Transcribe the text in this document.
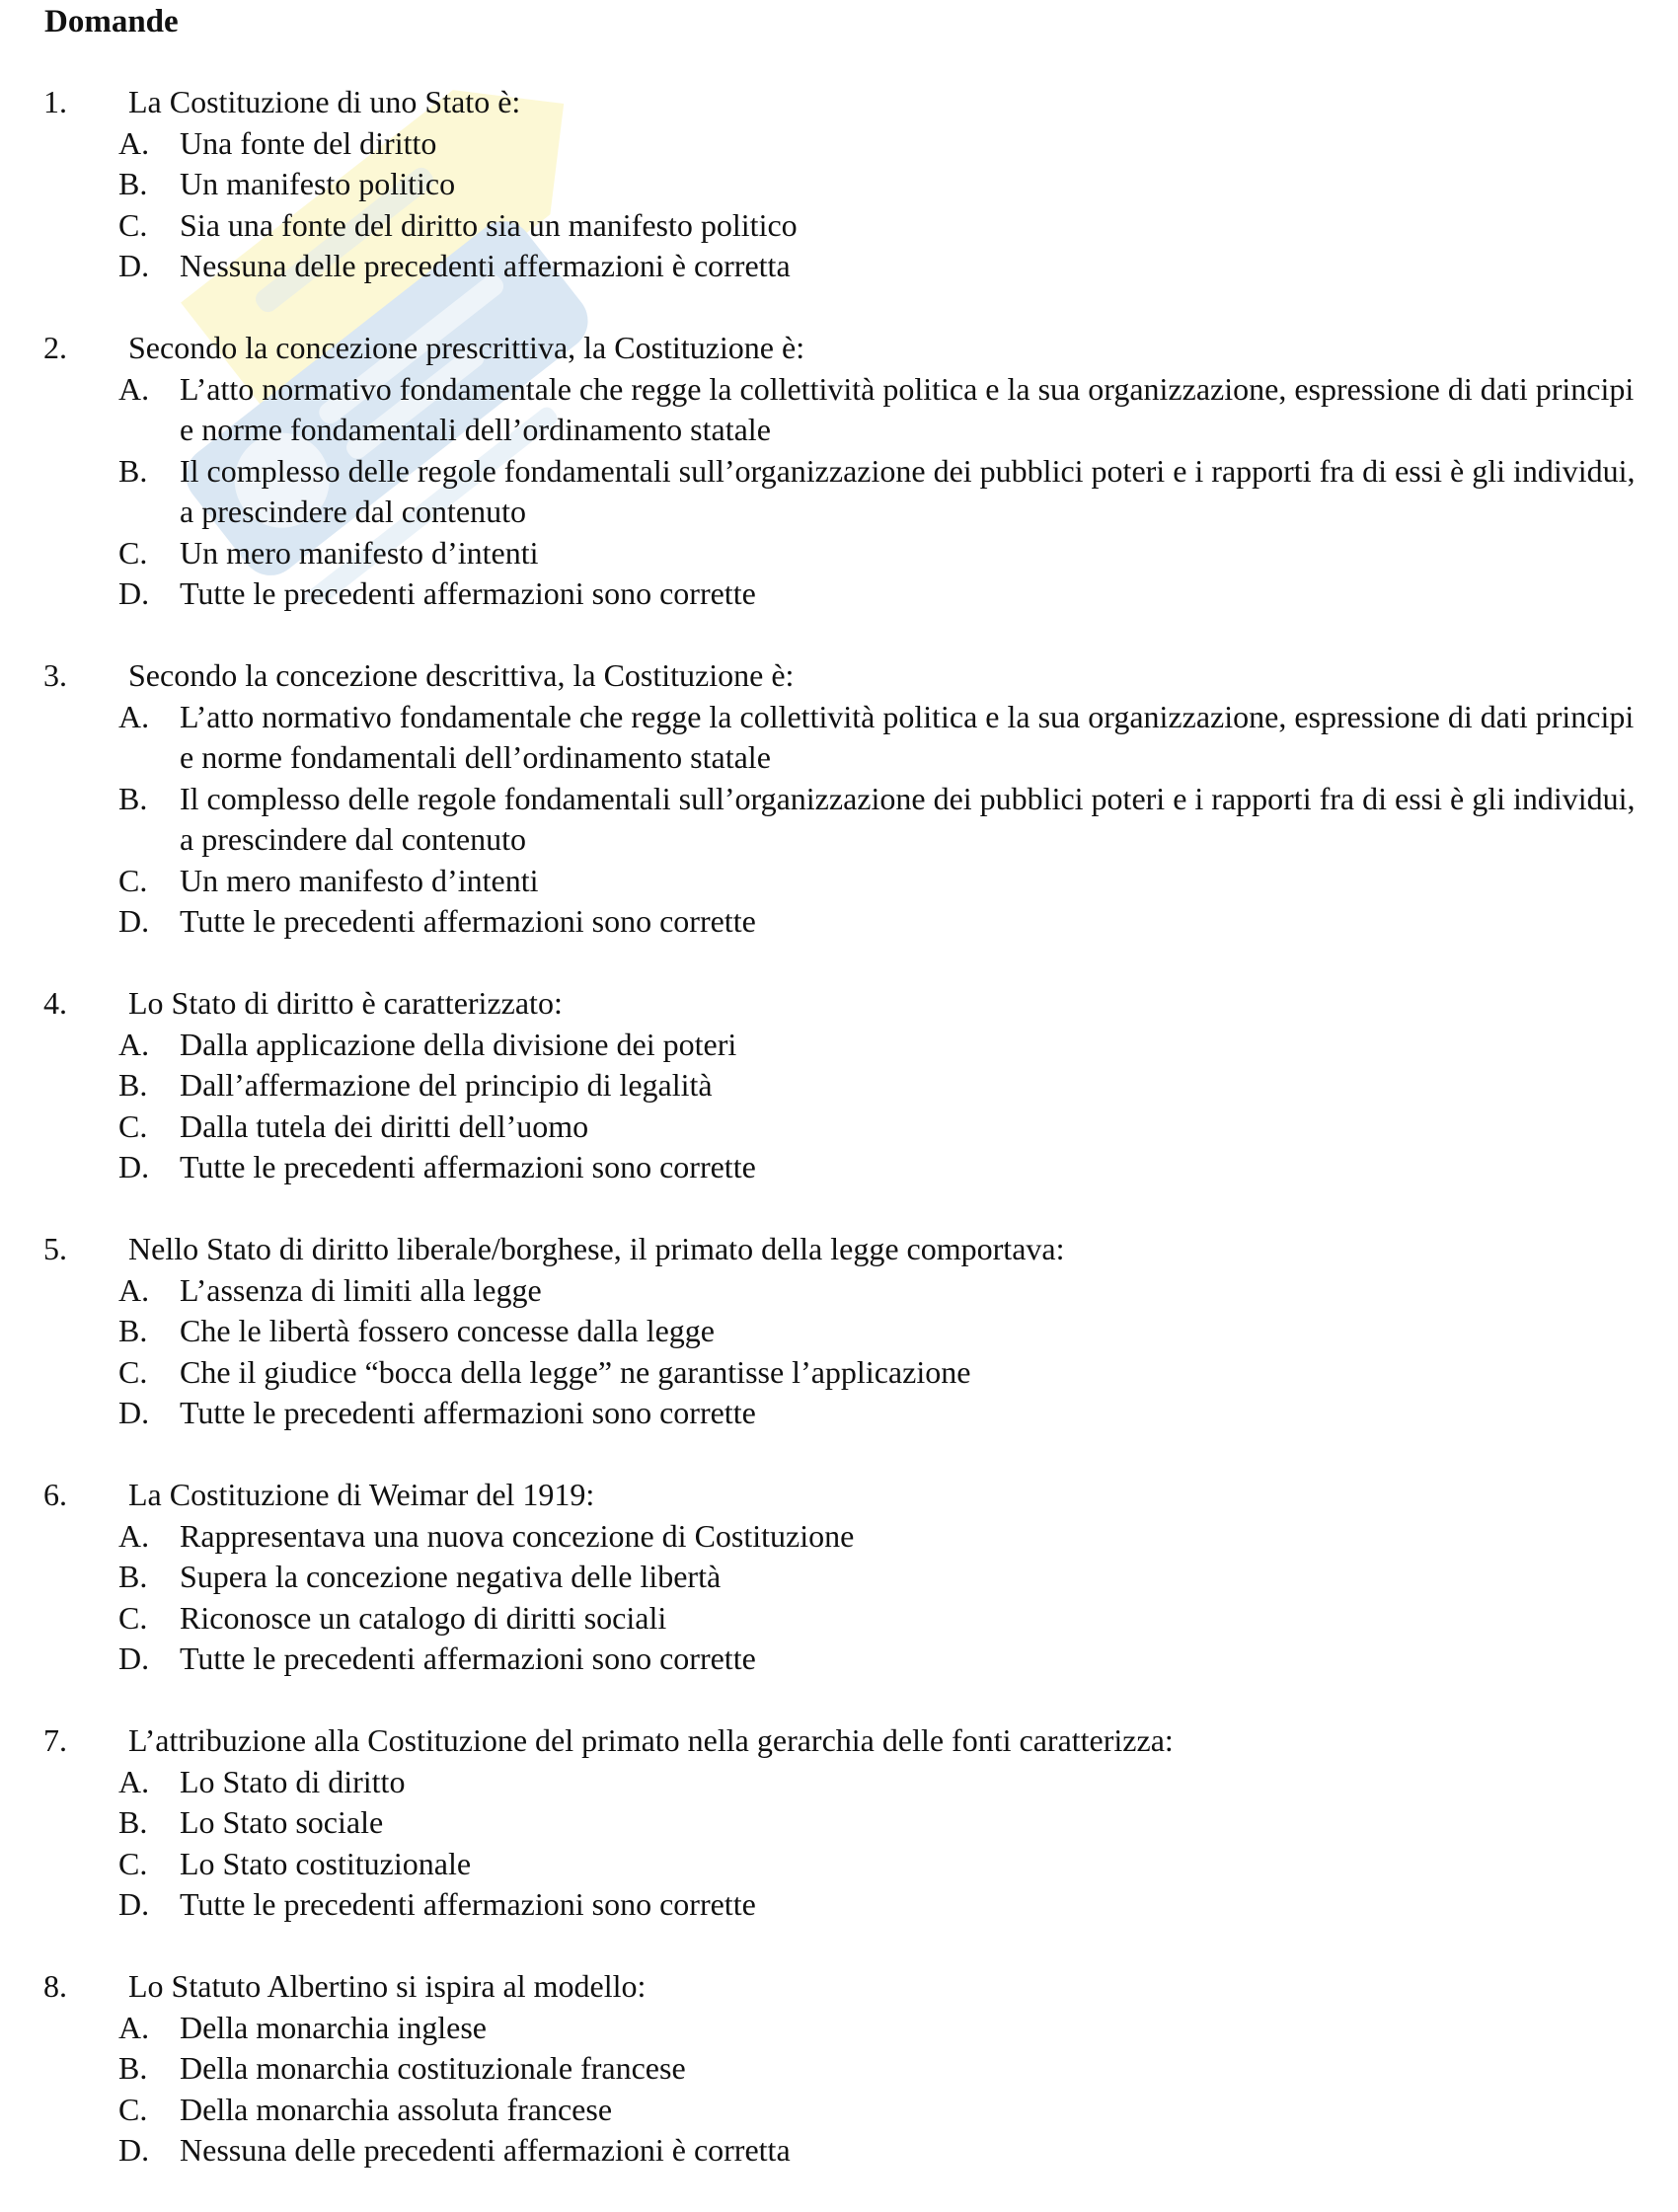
Domande
1. La Costituzione di uno Stato è:
A. Una fonte del diritto
B. Un manifesto politico
C. Sia una fonte del diritto sia un manifesto politico
D. Nessuna delle precedenti affermazioni è corretta
2. Secondo la concezione prescrittiva, la Costituzione è:
A. L’atto normativo fondamentale che regge la collettività politica e la sua organizzazione, espressione di dati principi e norme fondamentali dell’ordinamento statale
B. Il complesso delle regole fondamentali sull’organizzazione dei pubblici poteri e i rapporti fra di essi è gli individui, a prescindere dal contenuto
C. Un mero manifesto d’intenti
D. Tutte le precedenti affermazioni sono corrette
3. Secondo la concezione descrittiva, la Costituzione è:
A. L’atto normativo fondamentale che regge la collettività politica e la sua organizzazione, espressione di dati principi e norme fondamentali dell’ordinamento statale
B. Il complesso delle regole fondamentali sull’organizzazione dei pubblici poteri e i rapporti fra di essi è gli individui, a prescindere dal contenuto
C. Un mero manifesto d’intenti
D. Tutte le precedenti affermazioni sono corrette
4. Lo Stato di diritto è caratterizzato:
A. Dalla applicazione della divisione dei poteri
B. Dall’affermazione del principio di legalità
C. Dalla tutela dei diritti dell’uomo
D. Tutte le precedenti affermazioni sono corrette
5. Nello Stato di diritto liberale/borghese, il primato della legge comportava:
A. L’assenza di limiti alla legge
B. Che le libertà fossero concesse dalla legge
C. Che il giudice “bocca della legge” ne garantisse l’applicazione
D. Tutte le precedenti affermazioni sono corrette
6. La Costituzione di Weimar del 1919:
A. Rappresentava una nuova concezione di Costituzione
B. Supera la concezione negativa delle libertà
C. Riconosce un catalogo di diritti sociali
D. Tutte le precedenti affermazioni sono corrette
7. L’attribuzione alla Costituzione del primato nella gerarchia delle fonti caratterizza:
A. Lo Stato di diritto
B. Lo Stato sociale
C. Lo Stato costituzionale
D. Tutte le precedenti affermazioni sono corrette
8. Lo Statuto Albertino si ispira al modello:
A. Della monarchia inglese
B. Della monarchia costituzionale francese
C. Della monarchia assoluta francese
D. Nessuna delle precedenti affermazioni è corretta
